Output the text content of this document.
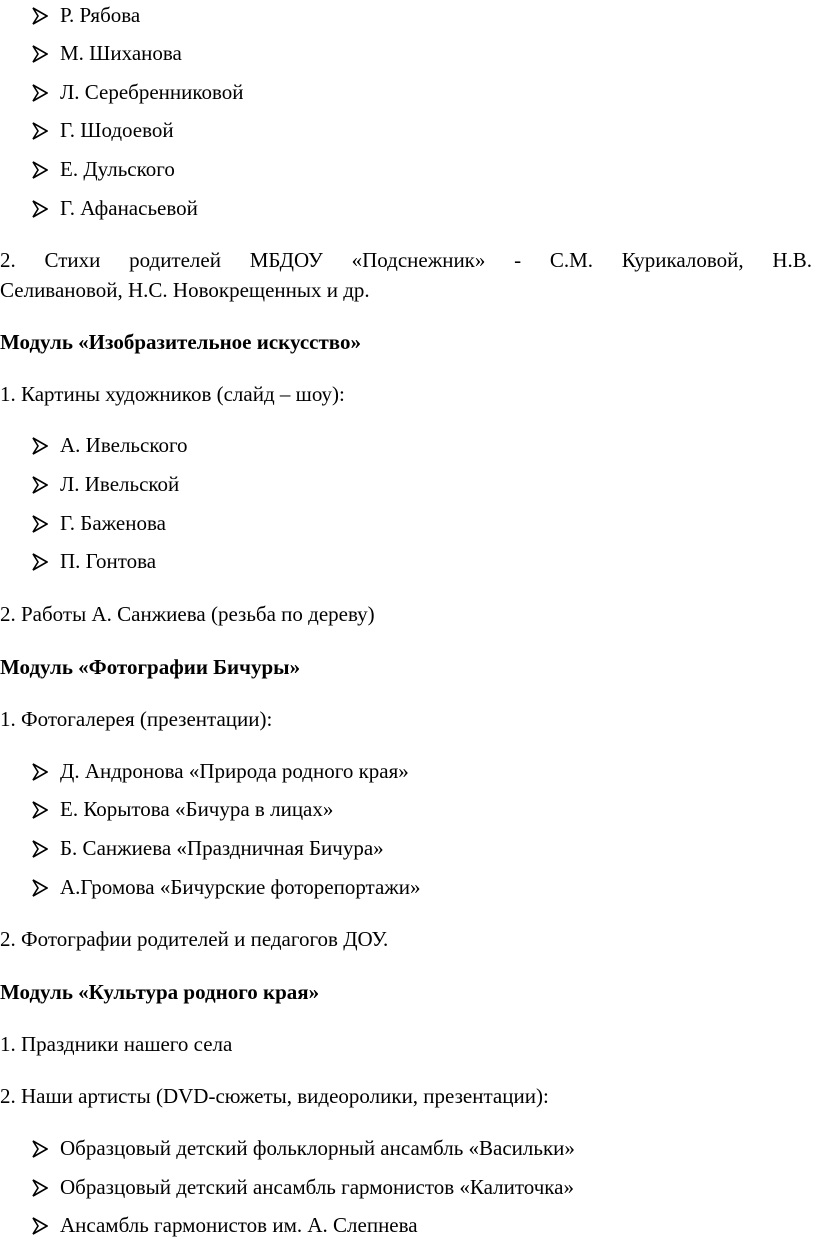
Р. Рябова
М. Шиханова
Л. Серебренниковой
Г. Шодоевой
Е. Дульского
Г. Афанасьевой
2. Стихи родителей МБДОУ «Подснежник» - С.М. Курикаловой, Н.В.
Селивановой, Н.С. Новокрещенных и др.
Модуль «Изобразительное искусство»
1. Картины художников (слайд – шоу):
А. Ивельского
Л. Ивельской
Г. Баженова
П. Гонтова
2. Работы А. Санжиева (резьба по дереву)
Модуль «Фотографии Бичуры»
1. Фотогалерея (презентации):
Д. Андронова «Природа родного края»
Е. Корытова «Бичура в лицах»
Б. Санжиева «Праздничная Бичура»
А.Громова «Бичурские фоторепортажи»
2. Фотографии родителей и педагогов ДОУ.
Модуль «Культура родного края»
1. Праздники нашего села
2. Наши артисты (DVD-сюжеты, видеоролики, презентации):
Образцовый детский фольклорный ансамбль «Васильки»
Образцовый детский ансамбль гармонистов «Калиточка»
Ансамбль гармонистов им. А. Слепнева
